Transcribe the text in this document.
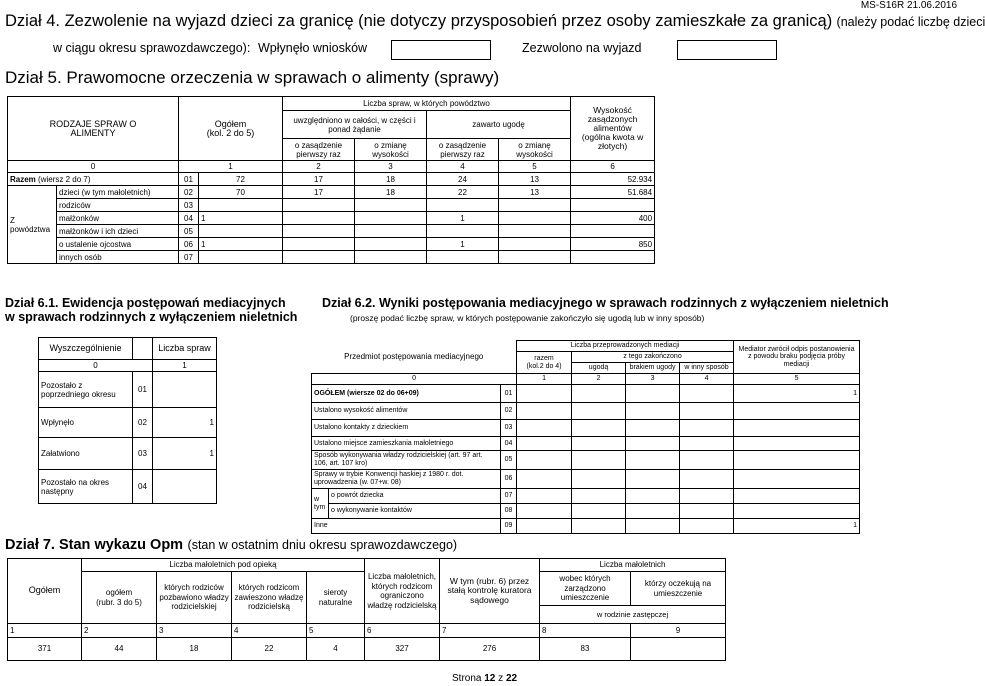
MS-S16R 21.06.2016
Dział 4. Zezwolenie na wyjazd dzieci za granicę (nie dotyczy przysposobień przez osoby zamieszkałe za granicą) (należy podać liczbę dzieci
w ciągu okresu sprawozdawczego): Wpłynęło wniosków	Zezwolono na wyjazd
Dział 5. Prawomocne orzeczenia w sprawach o alimenty (sprawy)
RODZAJE SPRAW O ALIMENTY		Ogółem
(kol. 2 do 5)		Liczba spraw, w których powództwo				Wysokość zasądzonych alimentów
(ogólna kwota w złotych)
				uwzględniono w całości, w części i ponad żądanie		zawarto ugodę		
				o zasądzenie pierwszy raz	o zmianę wysokości	o zasądzenie pierwszy raz	o zmianę wysokości	
0		1		2	3	4	5	6
Razem (wiersz 2 do 7)		01	72	17	18	24	13	52.934
Z powództwa	dzieci (w tym małoletnich)	02	70	17	18	22	13	51.684
	rodziców	03						
	małżonków	04	1			1		400
	małżonków i ich dzieci	05						
	o ustalenie ojcostwa	06	1			1		850
	innych osób	07						
Dział 6.1. Ewidencja postępowań mediacyjnych
w sprawach rodzinnych z wyłączeniem nieletnich
Wyszczególnienie		Liczba spraw
0		1
Pozostało z poprzedniego okresu	01	
Wpłynęło	02	1
Załatwiono	03	1
Pozostało na okres następny	04	
Dział 6.2. Wyniki postępowania mediacyjnego w sprawach rodzinnych z wyłączeniem nieletnich
(proszę podać liczbę spraw, w których postępowanie zakończyło się ugodą lub w inny sposób)
Przedmiot postępowania mediacyjnego			Liczba przeprowadzonych mediacji				Mediator zwrócił odpis postanowienia z powodu braku podjęcia próby mediacji
			razem
(kol.2 do 4)	z tego zakończono			
				ugodą	brakiem ugody	w inny sposób	
0			1	2	3	4	5
OGÓŁEM (wiersze 02 do 06+09)		01					1
Ustalono wysokość alimentów		02					
Ustalono kontakty z dzieckiem		03					
Ustalono miejsce zamieszkania małoletniego		04					
Sposób wykonywania władzy rodzicielskiej (art. 97 art. 106, art. 107 kro)		05					
Sprawy w trybie Konwencji haskiej z 1980 r. dot. uprowadzenia (w. 07+w. 08)		06					
w tym	o powrót dziecka	07					
	o wykonywanie kontaktów	08					
Inne		09					1
Dział 7. Stan wykazu Opm (stan w ostatnim dniu okresu sprawozdawczego)
Ogółem	Liczba małoletnich pod opieką				Liczba małoletnich, których rodzicom ograniczono władzę rodzicielską	W tym (rubr. 6) przez stałą kontrolę kuratora sądowego	Liczba małoletnich	
	ogółem
(rubr. 3 do 5)	których rodziców pozbawiono władzy rodzicielskiej	których rodzicom zawieszono władzę rodzicielską	sieroty naturalne			wobec których zarządzono umieszczenie	którzy oczekują na umieszczenie
							w rodzinie zastępczej	
1	2	3	4	5	6	7	8	9
371	44	18	22	4	327	276	83	
Strona 12 z 22
